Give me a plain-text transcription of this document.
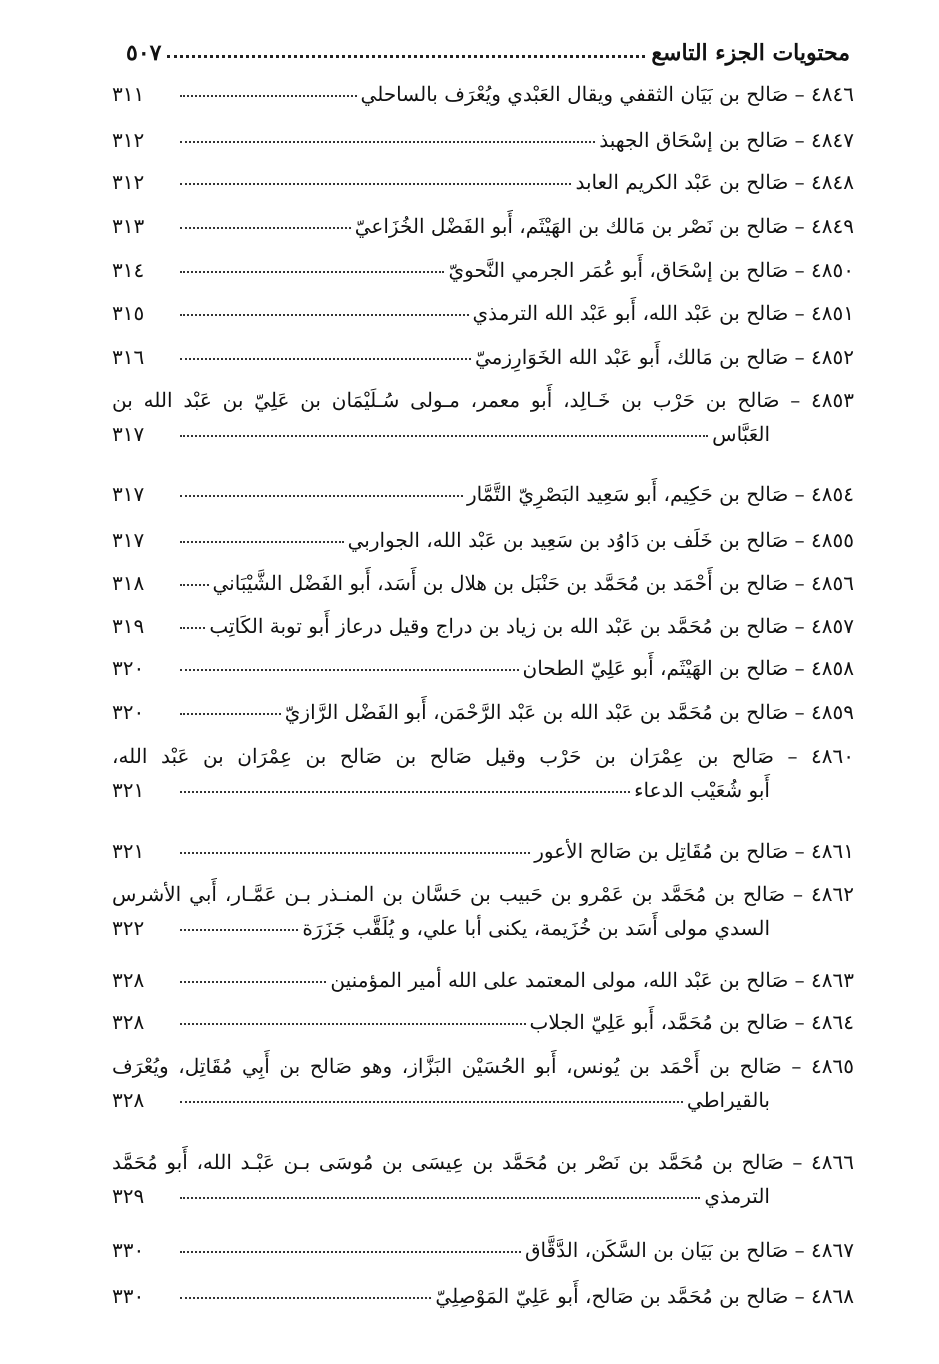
محتويات الجزء التاسع
٥٠٧
٤٨٤٦ – صَالح بن بَيَان الثقفي ويقال العَبْدي ويُعْرَف بالساحلي
٣١١
٤٨٤٧ – صَالح بن إسْحَاق الجهبذ
٣١٢
٤٨٤٨ – صَالح بن عَبْد الكريم العابد
٣١٢
٤٨٤٩ – صَالح بن نَصْر بن مَالك بن الهَيْثَم، أَبو الفَضْل الخُزَاعيّ
٣١٣
٤٨٥٠ – صَالح بن إسْحَاق، أَبو عُمَر الجرمي النَّحويّ
٣١٤
٤٨٥١ – صَالح بن عَبْد الله، أَبو عَبْد الله الترمذي
٣١٥
٤٨٥٢ – صَالح بن مَالك، أَبو عَبْد الله الخَوَارِزميّ
٣١٦
٤٨٥٣ – صَالح بن حَرْب بن خَـالِد، أَبو معمر، مـولى سُـلَيْمَان بن عَلِيّ بن عَبْد الله بن
العَبَّاس
٣١٧
٤٨٥٤ – صَالح بن حَكِيم، أَبو سَعِيد البَصْرِيّ التَّمَّار
٣١٧
٤٨٥٥ – صَالح بن خَلَف بن دَاوُد بن سَعِيد بن عَبْد الله، الجواربي
٣١٧
٤٨٥٦ – صَالح بن أَحْمَد بن مُحَمَّد بن حَنْبَل بن هلال بن أَسَد، أَبو الفَضْل الشَّيْبَاني
٣١٨
٤٨٥٧ – صَالح بن مُحَمَّد بن عَبْد الله بن زياد بن دراج وقيل درعاز أَبو توبة الكَاتِب
٣١٩
٤٨٥٨ – صَالح بن الهَيْثَم، أَبو عَلِيّ الطحان
٣٢٠
٤٨٥٩ – صَالح بن مُحَمَّد بن عَبْد الله بن عَبْد الرَّحْمَن، أَبو الفَضْل الرَّازيّ
٣٢٠
٤٨٦٠ – صَالح بن عِمْرَان بن حَرْب وقيل صَالح بن صَالح بن عِمْرَان بن عَبْد الله،
أَبو شُعَيْب الدعاء
٣٢١
٤٨٦١ – صَالح بن مُقَاتِل بن صَالح الأعور
٣٢١
٤٨٦٢ – صَالح بن مُحَمَّد بن عَمْرو بن حَبيب بن حَسَّان بن المنـذر بـن عَمَّـار، أَبي الأشرس
السدي مولى أَسَد بن خُزَيمة، يكنى أبا علي، و يُلَقَّب جَزَرَة
٣٢٢
٤٨٦٣ – صَالح بن عَبْد الله، مولى المعتمد على الله أمير المؤمنين
٣٢٨
٤٨٦٤ – صَالح بن مُحَمَّد، أَبو عَلِيّ الجلاب
٣٢٨
٤٨٦٥ – صَالح بن أَحْمَد بن يُونس، أَبو الحُسَيْن البَزَّاز، وهو صَالح بن أَبِي مُقَاتِل، ويُعْرَف
بالقيراطي
٣٢٨
٤٨٦٦ – صَالح بن مُحَمَّد بن نَصْر بن مُحَمَّد بن عِيسَى بن مُوسَى بـن عَبْـد الله، أَبو مُحَمَّد
الترمذي
٣٢٩
٤٨٦٧ – صَالح بن بَيَان بن السَّكَن، الدَّقَّاق
٣٣٠
٤٨٦٨ – صَالح بن مُحَمَّد بن صَالح، أَبو عَلِيّ المَوْصِلِيّ
٣٣٠
